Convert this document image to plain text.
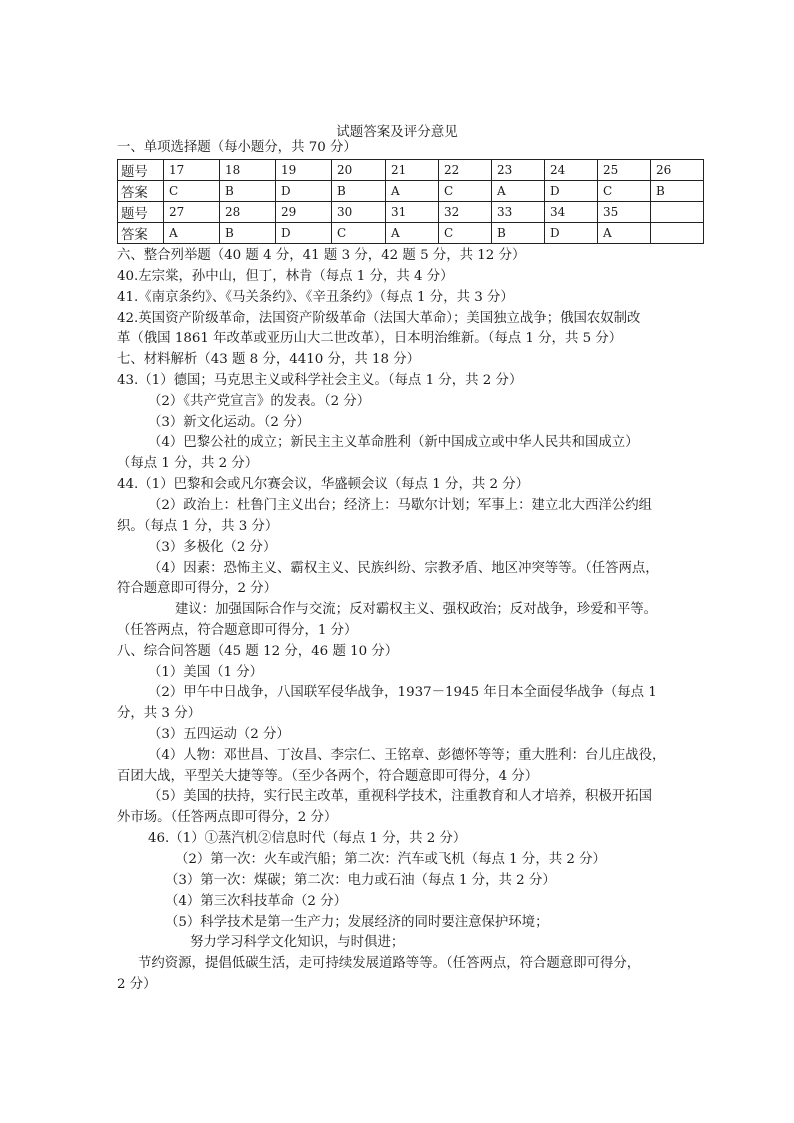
试题答案及评分意见
一、单项选择题（每小题分，共 70 分）
题号	17	18	19	20	21	22	23	24	25	26
答案	C	B	D	B	A	C	A	D	C	B
题号	27	28	29	30	31	32	33	34	35	
答案	A	B	D	C	A	C	B	D	A	
六、整合列举题（40 题 4 分，41 题 3 分，42 题 5 分，共 12 分）
40.左宗棠，孙中山，但丁，林肯（每点 1 分，共 4 分）
41.《南京条约》、《马关条约》、《辛丑条约》（每点 1 分，共 3 分）
42.英国资产阶级革命，法国资产阶级革命（法国大革命）；美国独立战争；俄国农奴制改
革（俄国 1861 年改革或亚历山大二世改革），日本明治维新。（每点 1 分，共 5 分）
七、材料解析（43 题 8 分，4410 分，共 18 分）
43.（1）德国；马克思主义或科学社会主义。（每点 1 分，共 2 分）
（2）《共产党宣言》的发表。（2 分）
（3）新文化运动。（2 分）
（4）巴黎公社的成立；新民主主义革命胜利（新中国成立或中华人民共和国成立）
（每点 1 分，共 2 分）
44.（1）巴黎和会或凡尔赛会议，华盛顿会议（每点 1 分，共 2 分）
（2）政治上：杜鲁门主义出台；经济上：马歇尔计划；军事上：建立北大西洋公约组
织。（每点 1 分，共 3 分）
（3）多极化（2 分）
（4）因素：恐怖主义、霸权主义、民族纠纷、宗教矛盾、地区冲突等等。（任答两点，
符合题意即可得分，2 分）
建议：加强国际合作与交流；反对霸权主义、强权政治；反对战争，珍爱和平等。
（任答两点，符合题意即可得分，1 分）
八、综合问答题（45 题 12 分，46 题 10 分）
（1）美国（1 分）
（2）甲午中日战争，八国联军侵华战争，1937－1945 年日本全面侵华战争（每点 1
分，共 3 分）
（3）五四运动（2 分）
（4）人物：邓世昌、丁汝昌、李宗仁、王铭章、彭德怀等等；重大胜利：台儿庄战役，
百团大战，平型关大捷等等。（至少各两个，符合题意即可得分，4 分）
（5）美国的扶持，实行民主改革，重视科学技术，注重教育和人才培养，积极开拓国
外市场。（任答两点即可得分，2 分）
46.（1）①蒸汽机②信息时代（每点 1 分，共 2 分）
（2）第一次：火车或汽船；第二次：汽车或飞机（每点 1 分，共 2 分）
（3）第一次：煤碳；第二次：电力或石油（每点 1 分，共 2 分）
（4）第三次科技革命（2 分）
（5）科学技术是第一生产力；发展经济的同时要注意保护环境；
努力学习科学文化知识，与时俱进；
节约资源，提倡低碳生活，走可持续发展道路等等。（任答两点，符合题意即可得分，
2 分）
